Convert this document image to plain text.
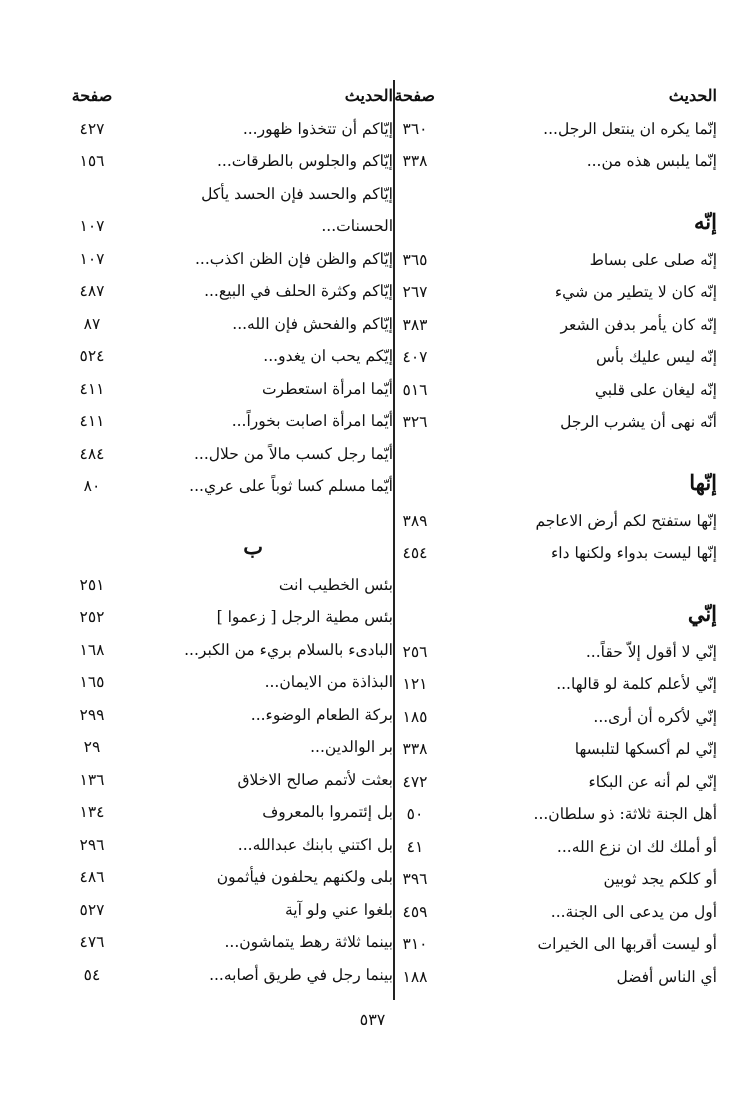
الحديث
صفحة
إنّما يكره ان ينتعل الرجل...
٣٦٠
إنّما يلبس هذه من...
٣٣٨
إنّه
إنّه صلى على بساط
٣٦٥
إنّه كان لا يتطير من شيء
٢٦٧
إنّه كان يأمر بدفن الشعر
٣٨٣
إنّه ليس عليك بأس
٤٠٧
إنّه ليغان على قلبي
٥١٦
أنّه نهى أن يشرب الرجل
٣٢٦
إنّها
إنّها ستفتح لكم أرض الاعاجم
٣٨٩
إنّها ليست بدواء ولكنها داء
٤٥٤
إنّي
إنّي لا أقول إلاّ حقاً...
٢٥٦
إنّي لأعلم كلمة لو قالها...
١٢١
إنّي لأكره أن أرى...
١٨٥
إنّي لم أكسكها لتلبسها
٣٣٨
إنّي لم أنه عن البكاء
٤٧٢
أهل الجنة ثلاثة: ذو سلطان...
٥٠
أو أملك لك ان نزع الله...
٤١
أو كلكم يجد ثوبين
٣٩٦
أول من يدعى الى الجنة...
٤٥٩
أو ليست أقربها الى الخيرات
٣١٠
أي الناس أفضل
١٨٨
الحديث
صفحة
إيّاكم أن تتخذوا ظهور...
٤٢٧
إيّاكم والجلوس بالطرقات...
١٥٦
إيّاكم والحسد فإن الحسد يأكل
الحسنات...
١٠٧
إيّاكم والظن فإن الظن اكذب...
١٠٧
إيّاكم وكثرة الحلف في البيع...
٤٨٧
إيّاكم والفحش فإن الله...
٨٧
إيّكم يحب ان يغدو...
٥٢٤
أيّما امرأة استعطرت
٤١١
أيّما امرأة اصابت بخوراً...
٤١١
أيّما رجل كسب مالاً من حلال...
٤٨٤
أيّما مسلم كسا ثوباً على عري...
٨٠
ب
بئس الخطيب انت
٢٥١
بئس مطية الرجل [ زعموا ]
٢٥٢
البادىء بالسلام بريء من الكبر...
١٦٨
البذاذة من الايمان...
١٦٥
بركة الطعام الوضوء...
٢٩٩
بر الوالدين...
٢٩
بعثت لأتمم صالح الاخلاق
١٣٦
بل إئتمروا بالمعروف
١٣٤
بل اكتني بابنك عبدالله...
٢٩٦
بلى ولكنهم يحلفون فيأثمون
٤٨٦
بلغوا عني ولو آية
٥٢٧
بينما ثلاثة رهط يتماشون...
٤٧٦
بينما رجل في طريق أصابه...
٥٤
٥٣٧
